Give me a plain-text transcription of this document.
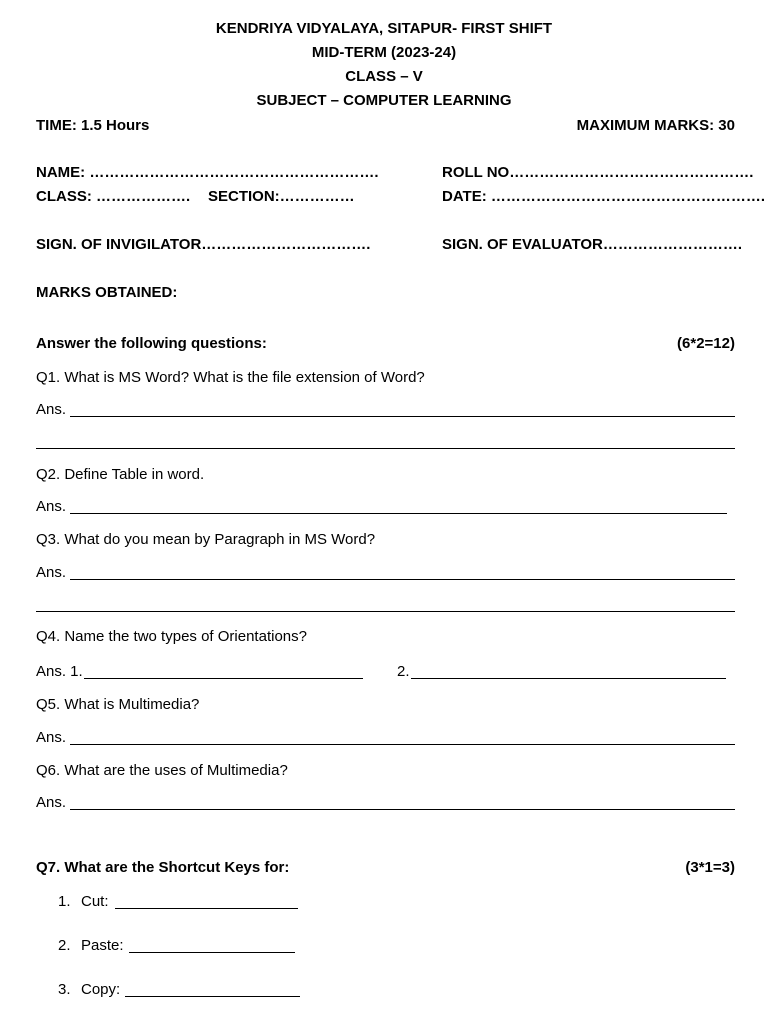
KENDRIYA VIDYALAYA, SITAPUR- FIRST SHIFT
MID-TERM (2023-24)
CLASS – V
SUBJECT – COMPUTER LEARNING
TIME: 1.5 Hours	MAXIMUM MARKS: 30
NAME: ………………………………………………….	ROLL NO………………………………………….
CLASS: ………………. SECTION:……………	DATE: ……………………………………………….
SIGN. OF INVIGILATOR…………………………….	SIGN. OF EVALUATOR……………………….
MARKS OBTAINED:
Answer the following questions:	(6*2=12)
Q1. What is MS Word? What is the file extension of Word?
Ans.
Q2. Define Table in word.
Ans.
Q3. What do you mean by Paragraph in MS Word?
Ans.
Q4. Name the two types of Orientations?
Ans. 1.	2.
Q5. What is Multimedia?
Ans.
Q6. What are the uses of Multimedia?
Ans.
Q7. What are the Shortcut Keys for:	(3*1=3)
1. Cut:
2. Paste:
3. Copy:
